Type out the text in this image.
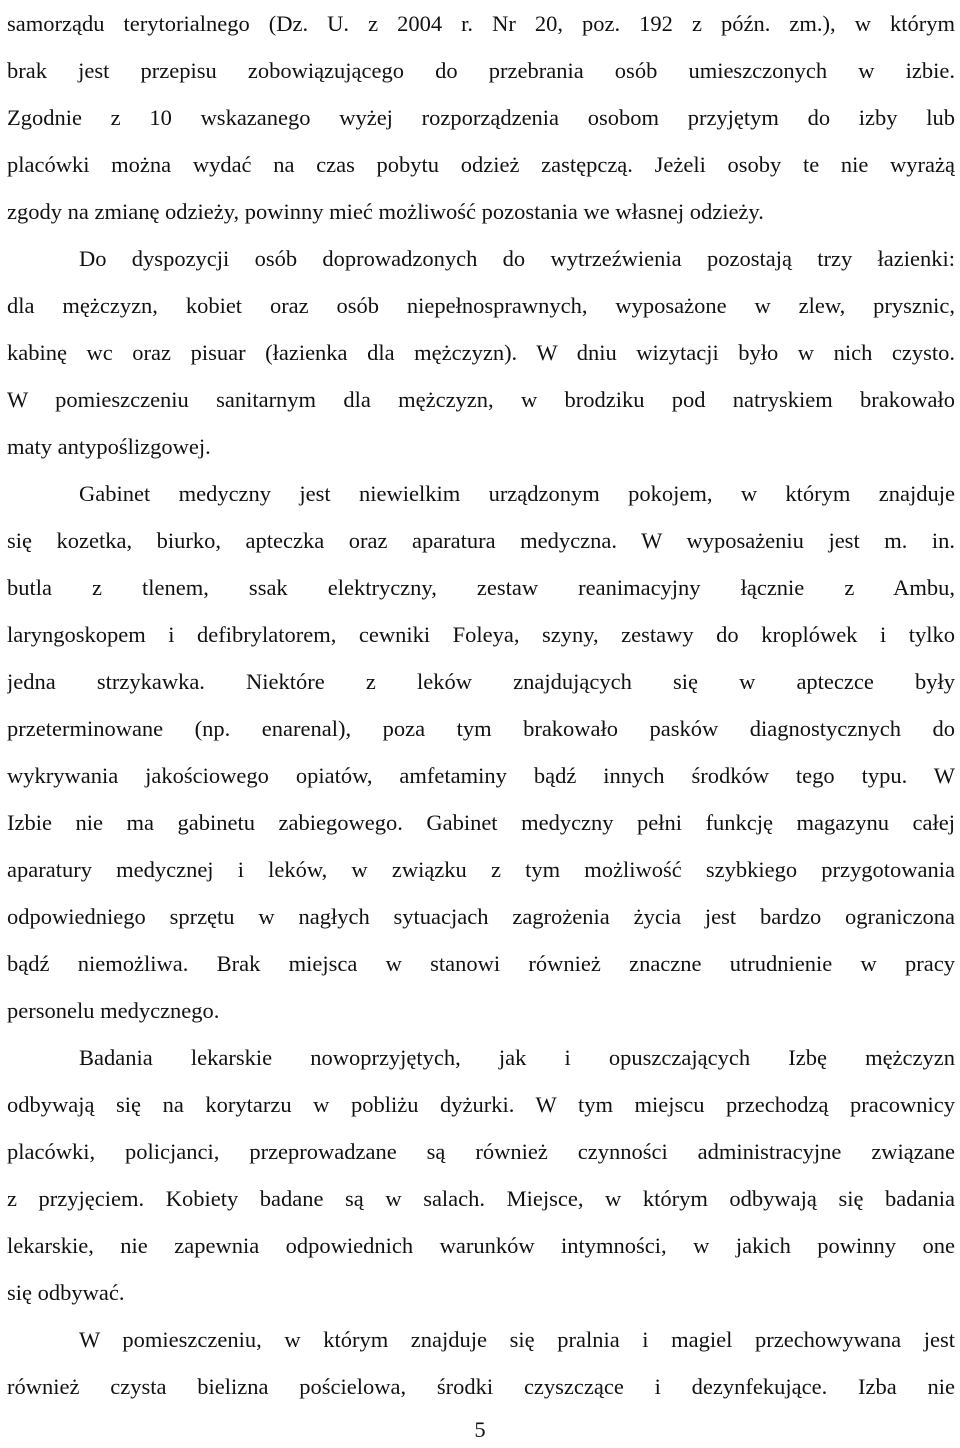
samorządu terytorialnego (Dz. U. z 2004 r. Nr 20, poz. 192 z późn. zm.), w którym
brak jest przepisu zobowiązującego do przebrania osób umieszczonych w izbie.
Zgodnie z 10 wskazanego wyżej rozporządzenia osobom przyjętym do izby lub
placówki można wydać na czas pobytu odzież zastępczą. Jeżeli osoby te nie wyrażą
zgody na zmianę odzieży, powinny mieć możliwość pozostania we własnej odzieży.
Do dyspozycji osób doprowadzonych do wytrzeźwienia pozostają trzy łazienki:
dla mężczyzn, kobiet oraz osób niepełnosprawnych, wyposażone w zlew, prysznic,
kabinę wc oraz pisuar (łazienka dla mężczyzn). W dniu wizytacji było w nich czysto.
W pomieszczeniu sanitarnym dla mężczyzn, w brodziku pod natryskiem brakowało
maty antypoślizgowej.
Gabinet medyczny jest niewielkim urządzonym pokojem, w którym znajduje
się kozetka, biurko, apteczka oraz aparatura medyczna. W wyposażeniu jest m. in.
butla z tlenem, ssak elektryczny, zestaw reanimacyjny łącznie z Ambu,
laryngoskopem i defibrylatorem, cewniki Foleya, szyny, zestawy do kroplówek i tylko
jedna strzykawka. Niektóre z leków znajdujących się w apteczce były
przeterminowane (np. enarenal), poza tym brakowało pasków diagnostycznych do
wykrywania jakościowego opiatów, amfetaminy bądź innych środków tego typu. W
Izbie nie ma gabinetu zabiegowego. Gabinet medyczny pełni funkcję magazynu całej
aparatury medycznej i leków, w związku z tym możliwość szybkiego przygotowania
odpowiedniego sprzętu w nagłych sytuacjach zagrożenia życia jest bardzo ograniczona
bądź niemożliwa. Brak miejsca w stanowi również znaczne utrudnienie w pracy
personelu medycznego.
Badania lekarskie nowoprzyjętych, jak i opuszczających Izbę mężczyzn
odbywają się na korytarzu w pobliżu dyżurki. W tym miejscu przechodzą pracownicy
placówki, policjanci, przeprowadzane są również czynności administracyjne związane
z przyjęciem. Kobiety badane są w salach. Miejsce, w którym odbywają się badania
lekarskie, nie zapewnia odpowiednich warunków intymności, w jakich powinny one
się odbywać.
W pomieszczeniu, w którym znajduje się pralnia i magiel przechowywana jest
również czysta bielizna pościelowa, środki czyszczące i dezynfekujące. Izba nie
5
